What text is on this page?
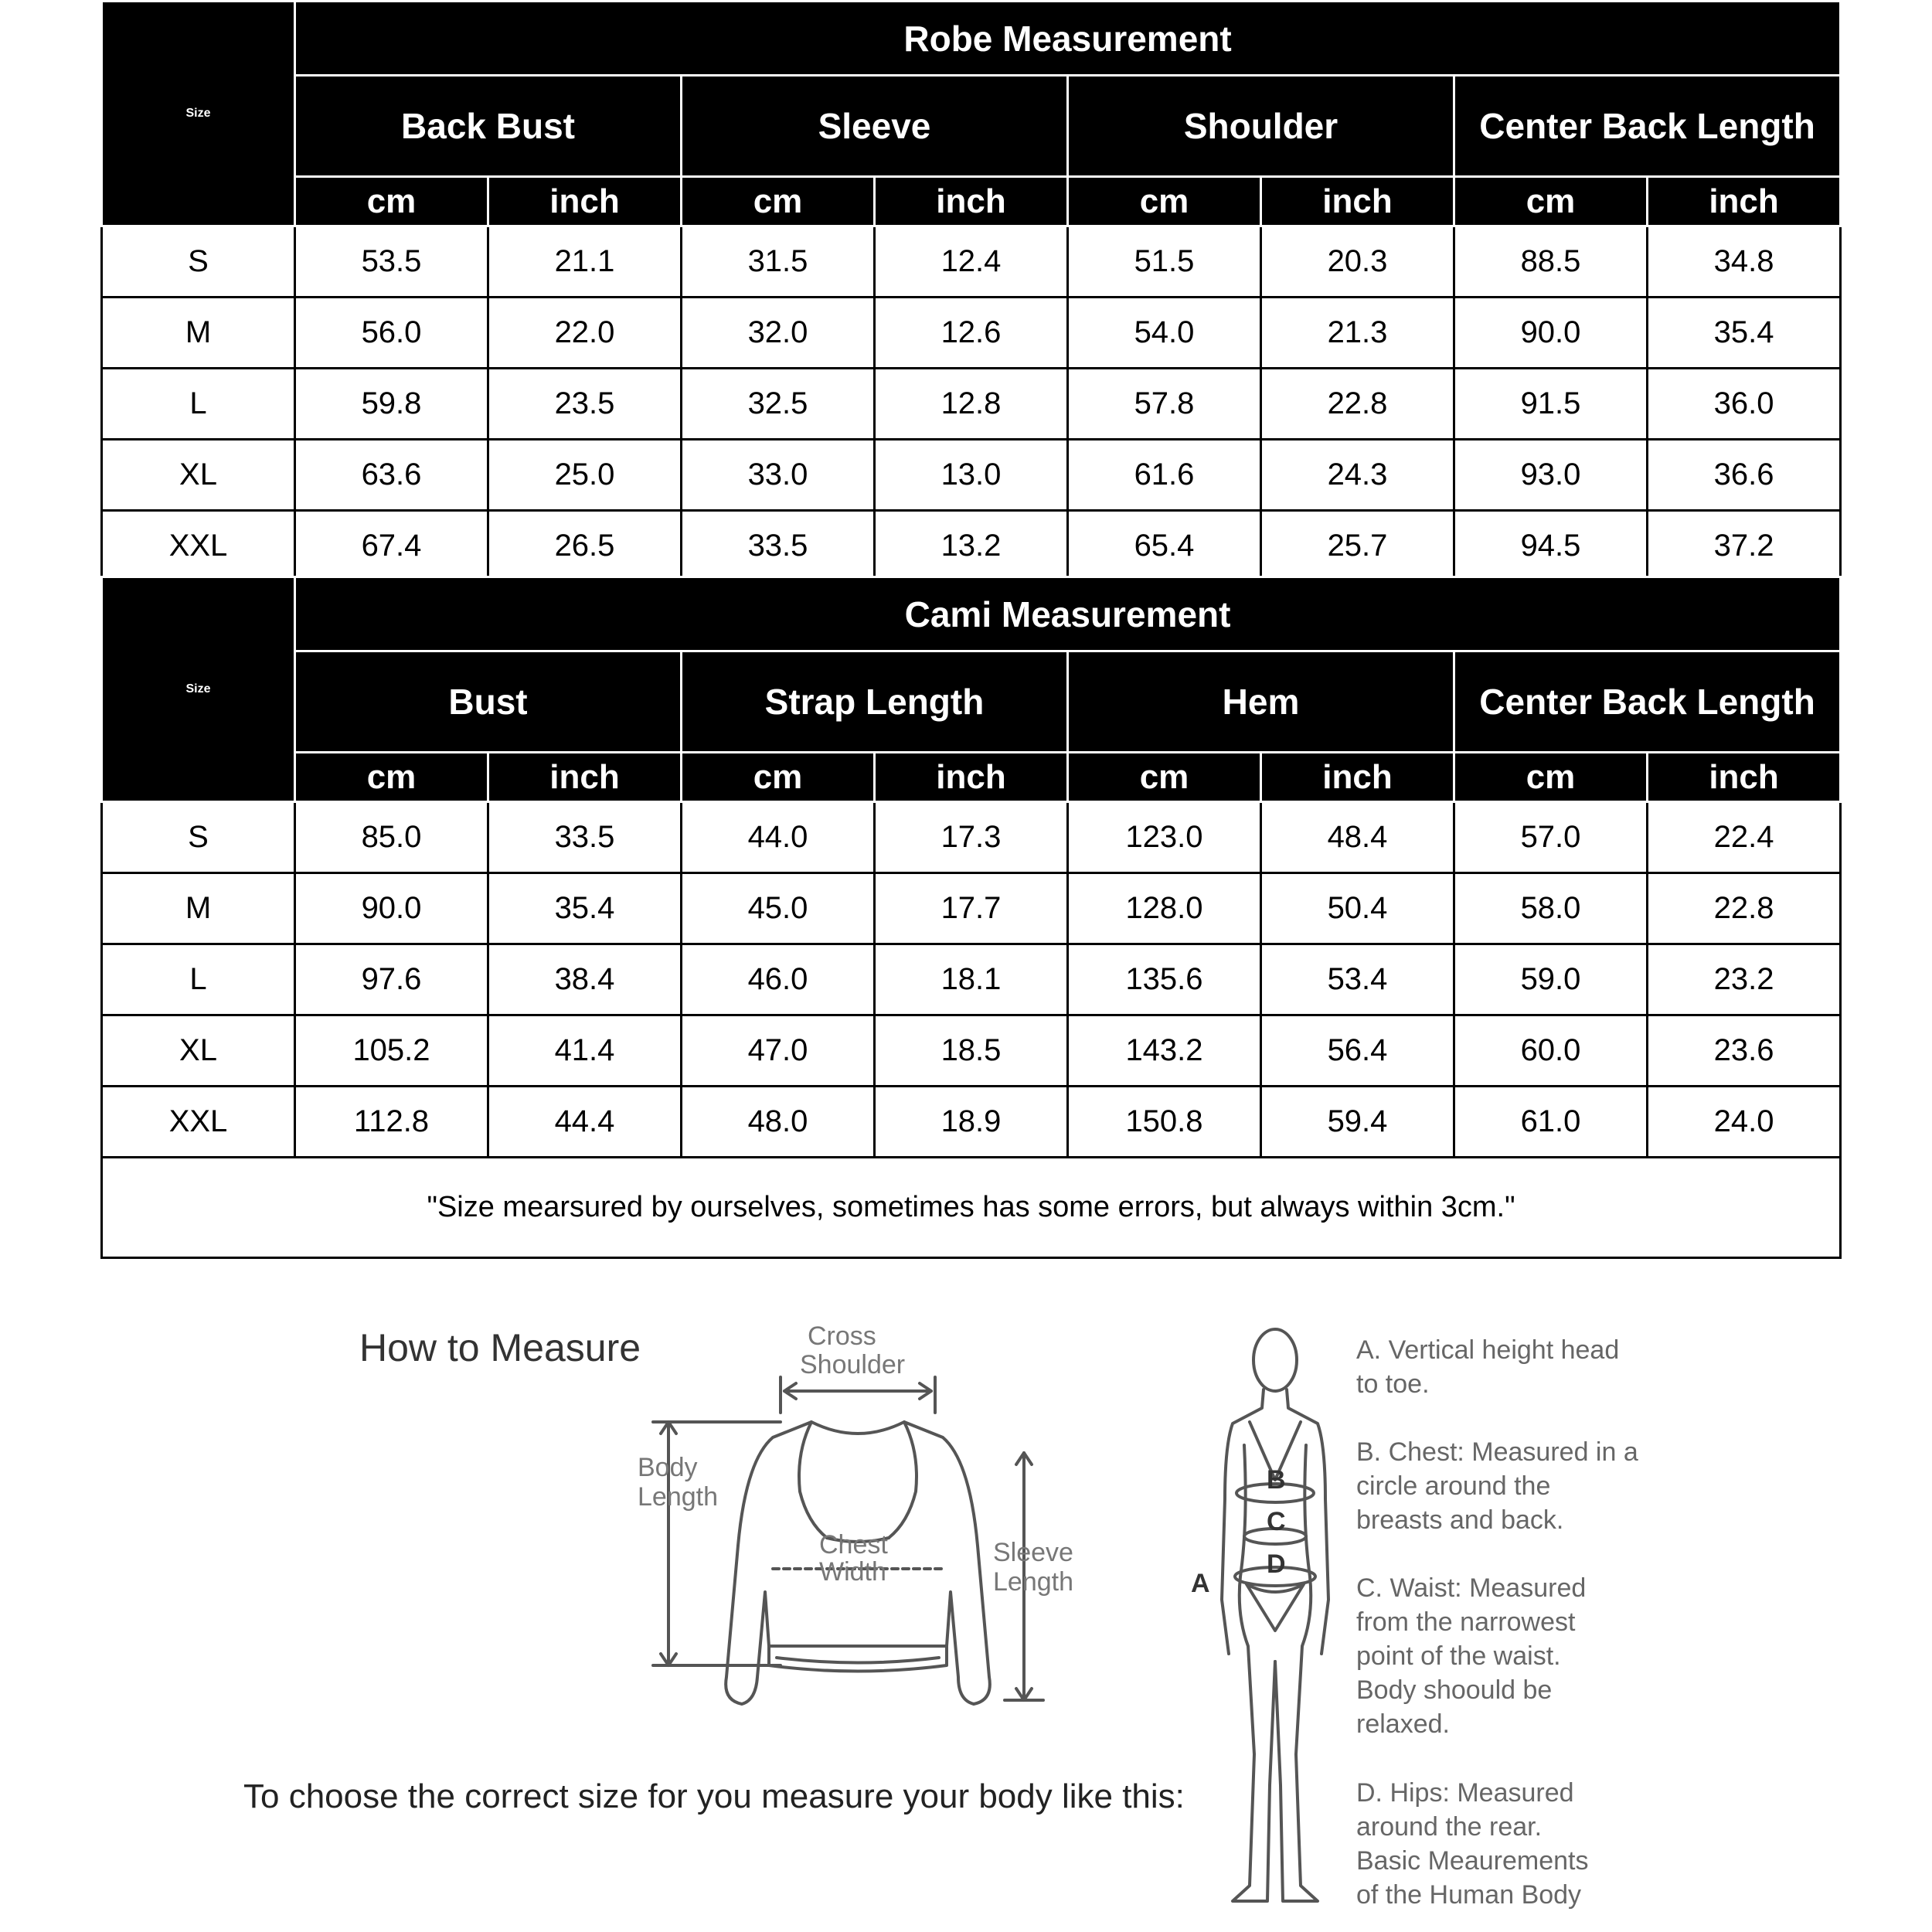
Size	Robe Measurement							
	Back Bust		Sleeve		Shoulder		Center Back Length	
	cm	inch	cm	inch	cm	inch	cm	inch
S	53.5	21.1	31.5	12.4	51.5	20.3	88.5	34.8
M	56.0	22.0	32.0	12.6	54.0	21.3	90.0	35.4
L	59.8	23.5	32.5	12.8	57.8	22.8	91.5	36.0
XL	63.6	25.0	33.0	13.0	61.6	24.3	93.0	36.6
XXL	67.4	26.5	33.5	13.2	65.4	25.7	94.5	37.2
Size	Cami Measurement							
	Bust		Strap Length		Hem		Center Back Length	
	cm	inch	cm	inch	cm	inch	cm	inch
S	85.0	33.5	44.0	17.3	123.0	48.4	57.0	22.4
M	90.0	35.4	45.0	17.7	128.0	50.4	58.0	22.8
L	97.6	38.4	46.0	18.1	135.6	53.4	59.0	23.2
XL	105.2	41.4	47.0	18.5	143.2	56.4	60.0	23.6
XXL	112.8	44.4	48.0	18.9	150.8	59.4	61.0	24.0
"Size mearsured by ourselves, sometimes has some errors, but always within 3cm."								
How to Measure	Cross
Shoulder
Body
Length
Chest
Width
Sleeve
Length	A
B
C
D
A. Vertical height head
to toe.
B. Chest: Measured in a
circle around the
breasts and back.
C. Waist: Measured
from the narrowest
point of the waist.
Body shoould be
relaxed.
D. Hips: Measured
around the rear.
Basic Meaurements
of the Human Body
To choose the correct size for you measure your body like this:
